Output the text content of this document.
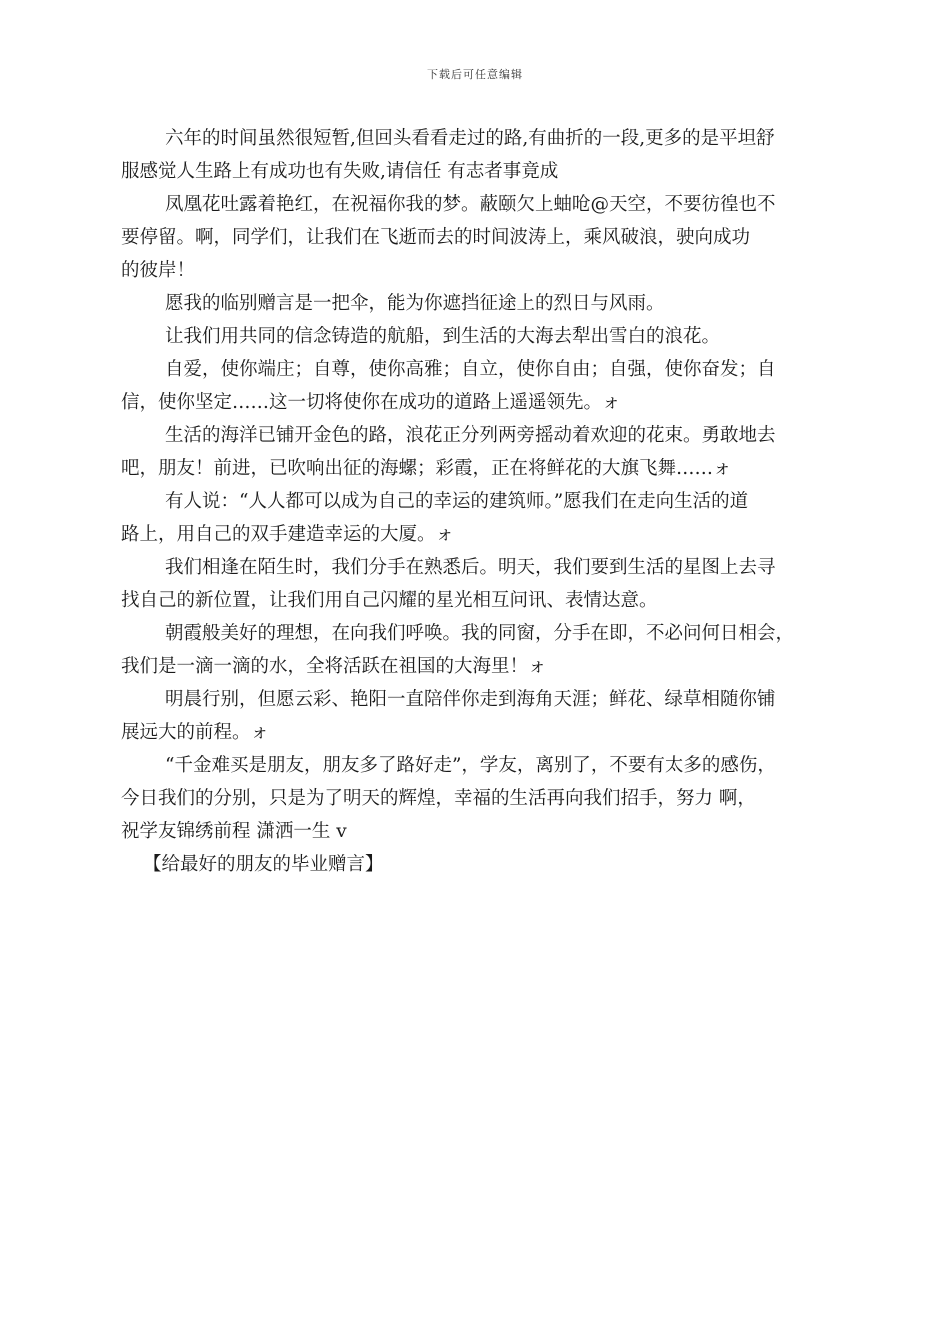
下载后可任意编辑
六年的时间虽然很短暂,但回头看看走过的路,有曲折的一段,更多的是平坦舒
服感觉人生路上有成功也有失败,请信任 有志者事竟成
凤凰花吐露着艳红，在祝福你我的梦。蔽颐欠上蚰呛@天空，不要彷徨也不
要停留。啊，同学们，让我们在飞逝而去的时间波涛上，乘风破浪，驶向成功
的彼岸！
愿我的临别赠言是一把伞，能为你遮挡征途上的烈日与风雨。
让我们用共同的信念铸造的航船，到生活的大海去犁出雪白的浪花。
自爱，使你端庄；自尊，使你高雅；自立，使你自由；自强，使你奋发；自
信，使你坚定……这一切将使你在成功的道路上遥遥领先。ォ
生活的海洋已铺开金色的路，浪花正分列两旁摇动着欢迎的花束。勇敢地去
吧，朋友！前进，已吹响出征的海螺；彩霞，正在将鲜花的大旗飞舞……ォ
有人说：“人人都可以成为自己的幸运的建筑师。”愿我们在走向生活的道
路上，用自己的双手建造幸运的大厦。ォ
我们相逢在陌生时，我们分手在熟悉后。明天，我们要到生活的星图上去寻
找自己的新位置，让我们用自己闪耀的星光相互问讯、表情达意。
朝霞般美好的理想，在向我们呼唤。我的同窗，分手在即，不必问何日相会，
我们是一滴一滴的水，全将活跃在祖国的大海里！ォ
明晨行别，但愿云彩、艳阳一直陪伴你走到海角天涯；鲜花、绿草相随你铺
展远大的前程。ォ
“千金难买是朋友，朋友多了路好走”，学友，离别了，不要有太多的感伤，
今日我们的分别，只是为了明天的辉煌，幸福的生活再向我们招手，努力 啊，
祝学友锦绣前程 潇洒一生 v

【给最好的朋友的毕业赠言】
